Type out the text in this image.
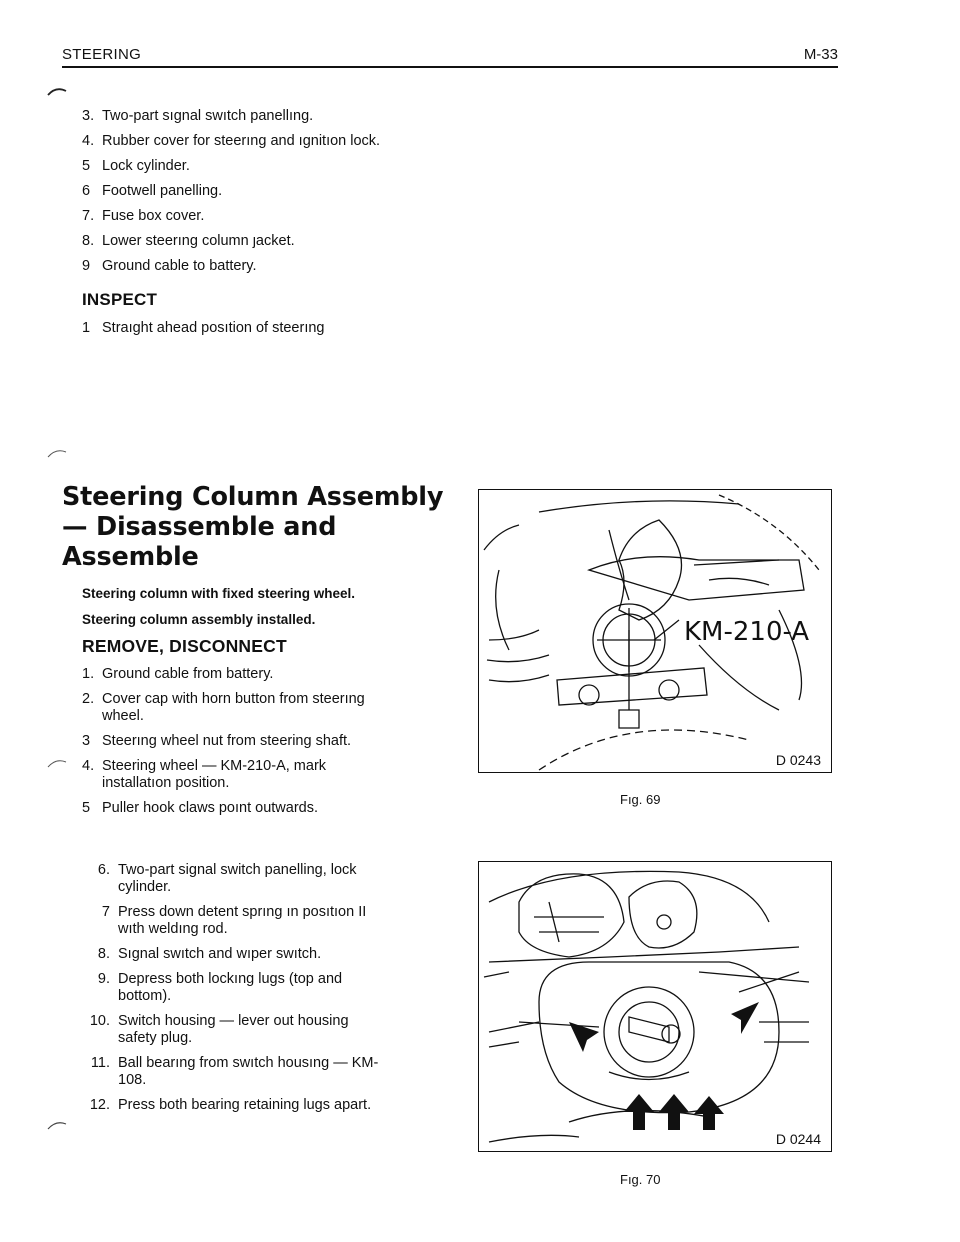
STEERING	M-33
3. Two-part sıgnal swıtch panellıng.
4. Rubber cover for steerıng and ıgnitıon lock.
5 Lock cylinder.
6 Footwell panelling.
7. Fuse box cover.
8. Lower steerıng column ȷacket.
9 Ground cable to battery.
INSPECT
1 Straıght ahead posıtion of steerıng
Steering Column Assembly
— Disassemble and
Assemble
Steering column with fixed steering wheel.
Steering column assembly installed.
REMOVE, DISCONNECT
1. Ground cable from battery.
2. Cover cap with horn button from steerıng wheel.
3 Steerıng wheel nut from steering shaft.
4. Steering wheel — KM-210-A, mark installatıon position.
5 Puller hook claws poınt outwards.
6. Two-part signal switch panelling, lock cylinder.
7 Press down detent sprıng ın posıtıon II wıth weldıng rod.
8. Sıgnal swıtch and wıper swıtch.
9. Depress both lockıng lugs (top and bottom).
10. Switch housing — lever out housing safety plug.
11. Ball bearıng from swıtch housıng — KM-108.
12. Press both bearing retaining lugs apart.
KM-210-A
D 0243
Fıg. 69
D 0244
Fıg. 70
